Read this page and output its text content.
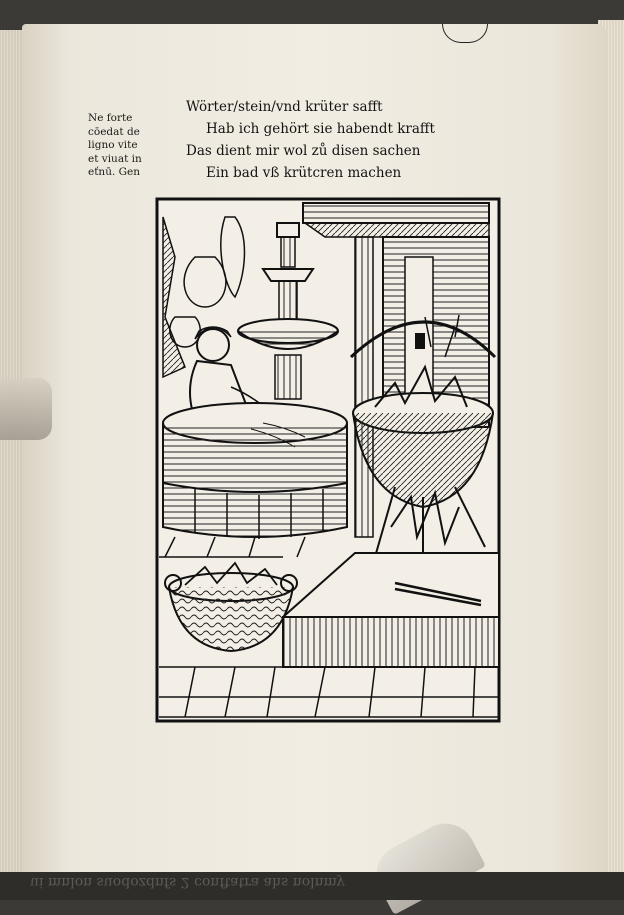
Ne forte
cōedat de
ligno vite
et viuat in
eťnū. Gen
Wörter/stein/vnd krüter safft
Hab ich gehört sie habendt krafft
Das dient mir wol zů disen sachen
Ein bad vß krütcren machen
ui mnlon suodozdnfs 2 conftatra ahs nolnmy
